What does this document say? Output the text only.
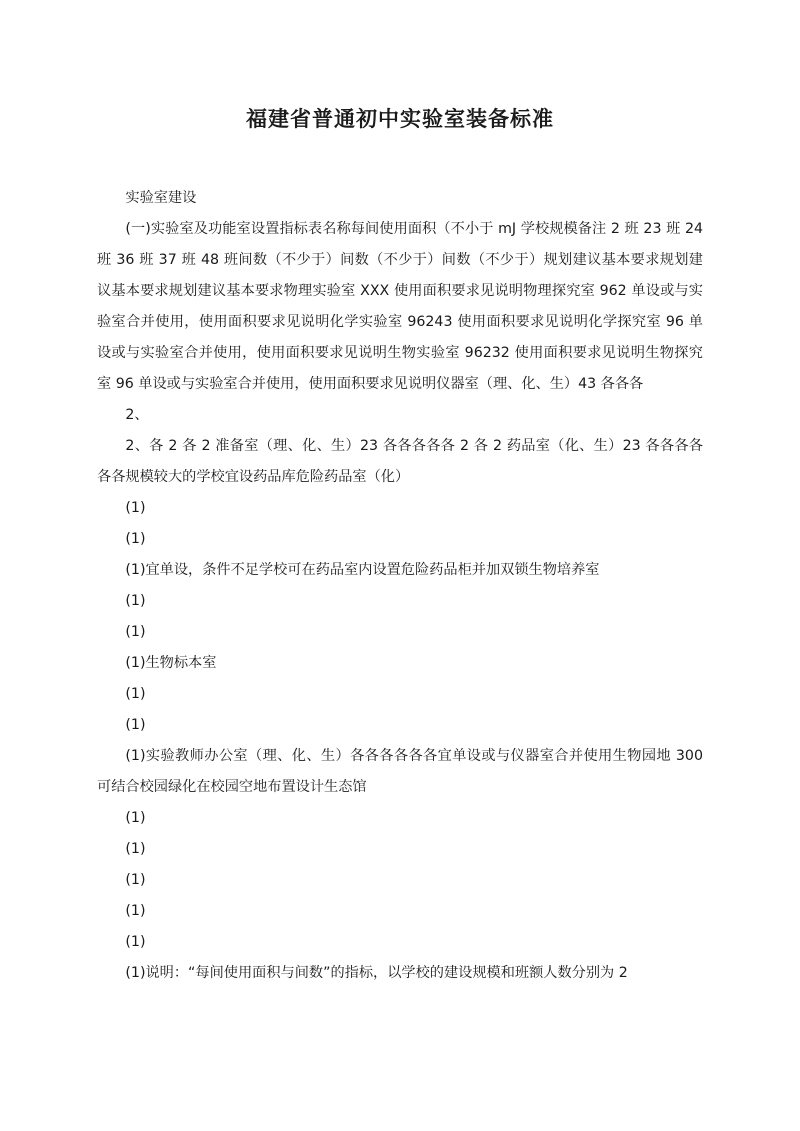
福建省普通初中实验室装备标准

实验室建设

(一)实验室及功能室设置指标表名称每间使用面积（不小于 mJ 学校规模备注 2 班 23 班 24 班 36 班 37 班 48 班间数（不少于）间数（不少于）间数（不少于）规划建议基本要求规划建议基本要求规划建议基本要求物理实验室 XXX 使用面积要求见说明物理探究室 962 单设或与实验室合并使用，使用面积要求见说明化学实验室 96243 使用面积要求见说明化学探究室 96 单设或与实验室合并使用，使用面积要求见说明生物实验室 96232 使用面积要求见说明生物探究室 96 单设或与实验室合并使用，使用面积要求见说明仪器室（理、化、生）43 各各各

2、

2、各 2 各 2 准备室（理、化、生）23 各各各各各 2 各 2 药品室（化、生）23 各各各各各各规模较大的学校宜设药品库危险药品室（化）

(1)

(1)

(1)宜单设，条件不足学校可在药品室内设置危险药品柜并加双锁生物培养室

(1)

(1)

(1)生物标本室

(1)

(1)

(1)实验教师办公室（理、化、生）各各各各各各宜单设或与仪器室合并使用生物园地 300 可结合校园绿化在校园空地布置设计生态馆

(1)

(1)

(1)

(1)

(1)

(1)说明：“每间使用面积与间数”的指标，以学校的建设规模和班额人数分别为 2
